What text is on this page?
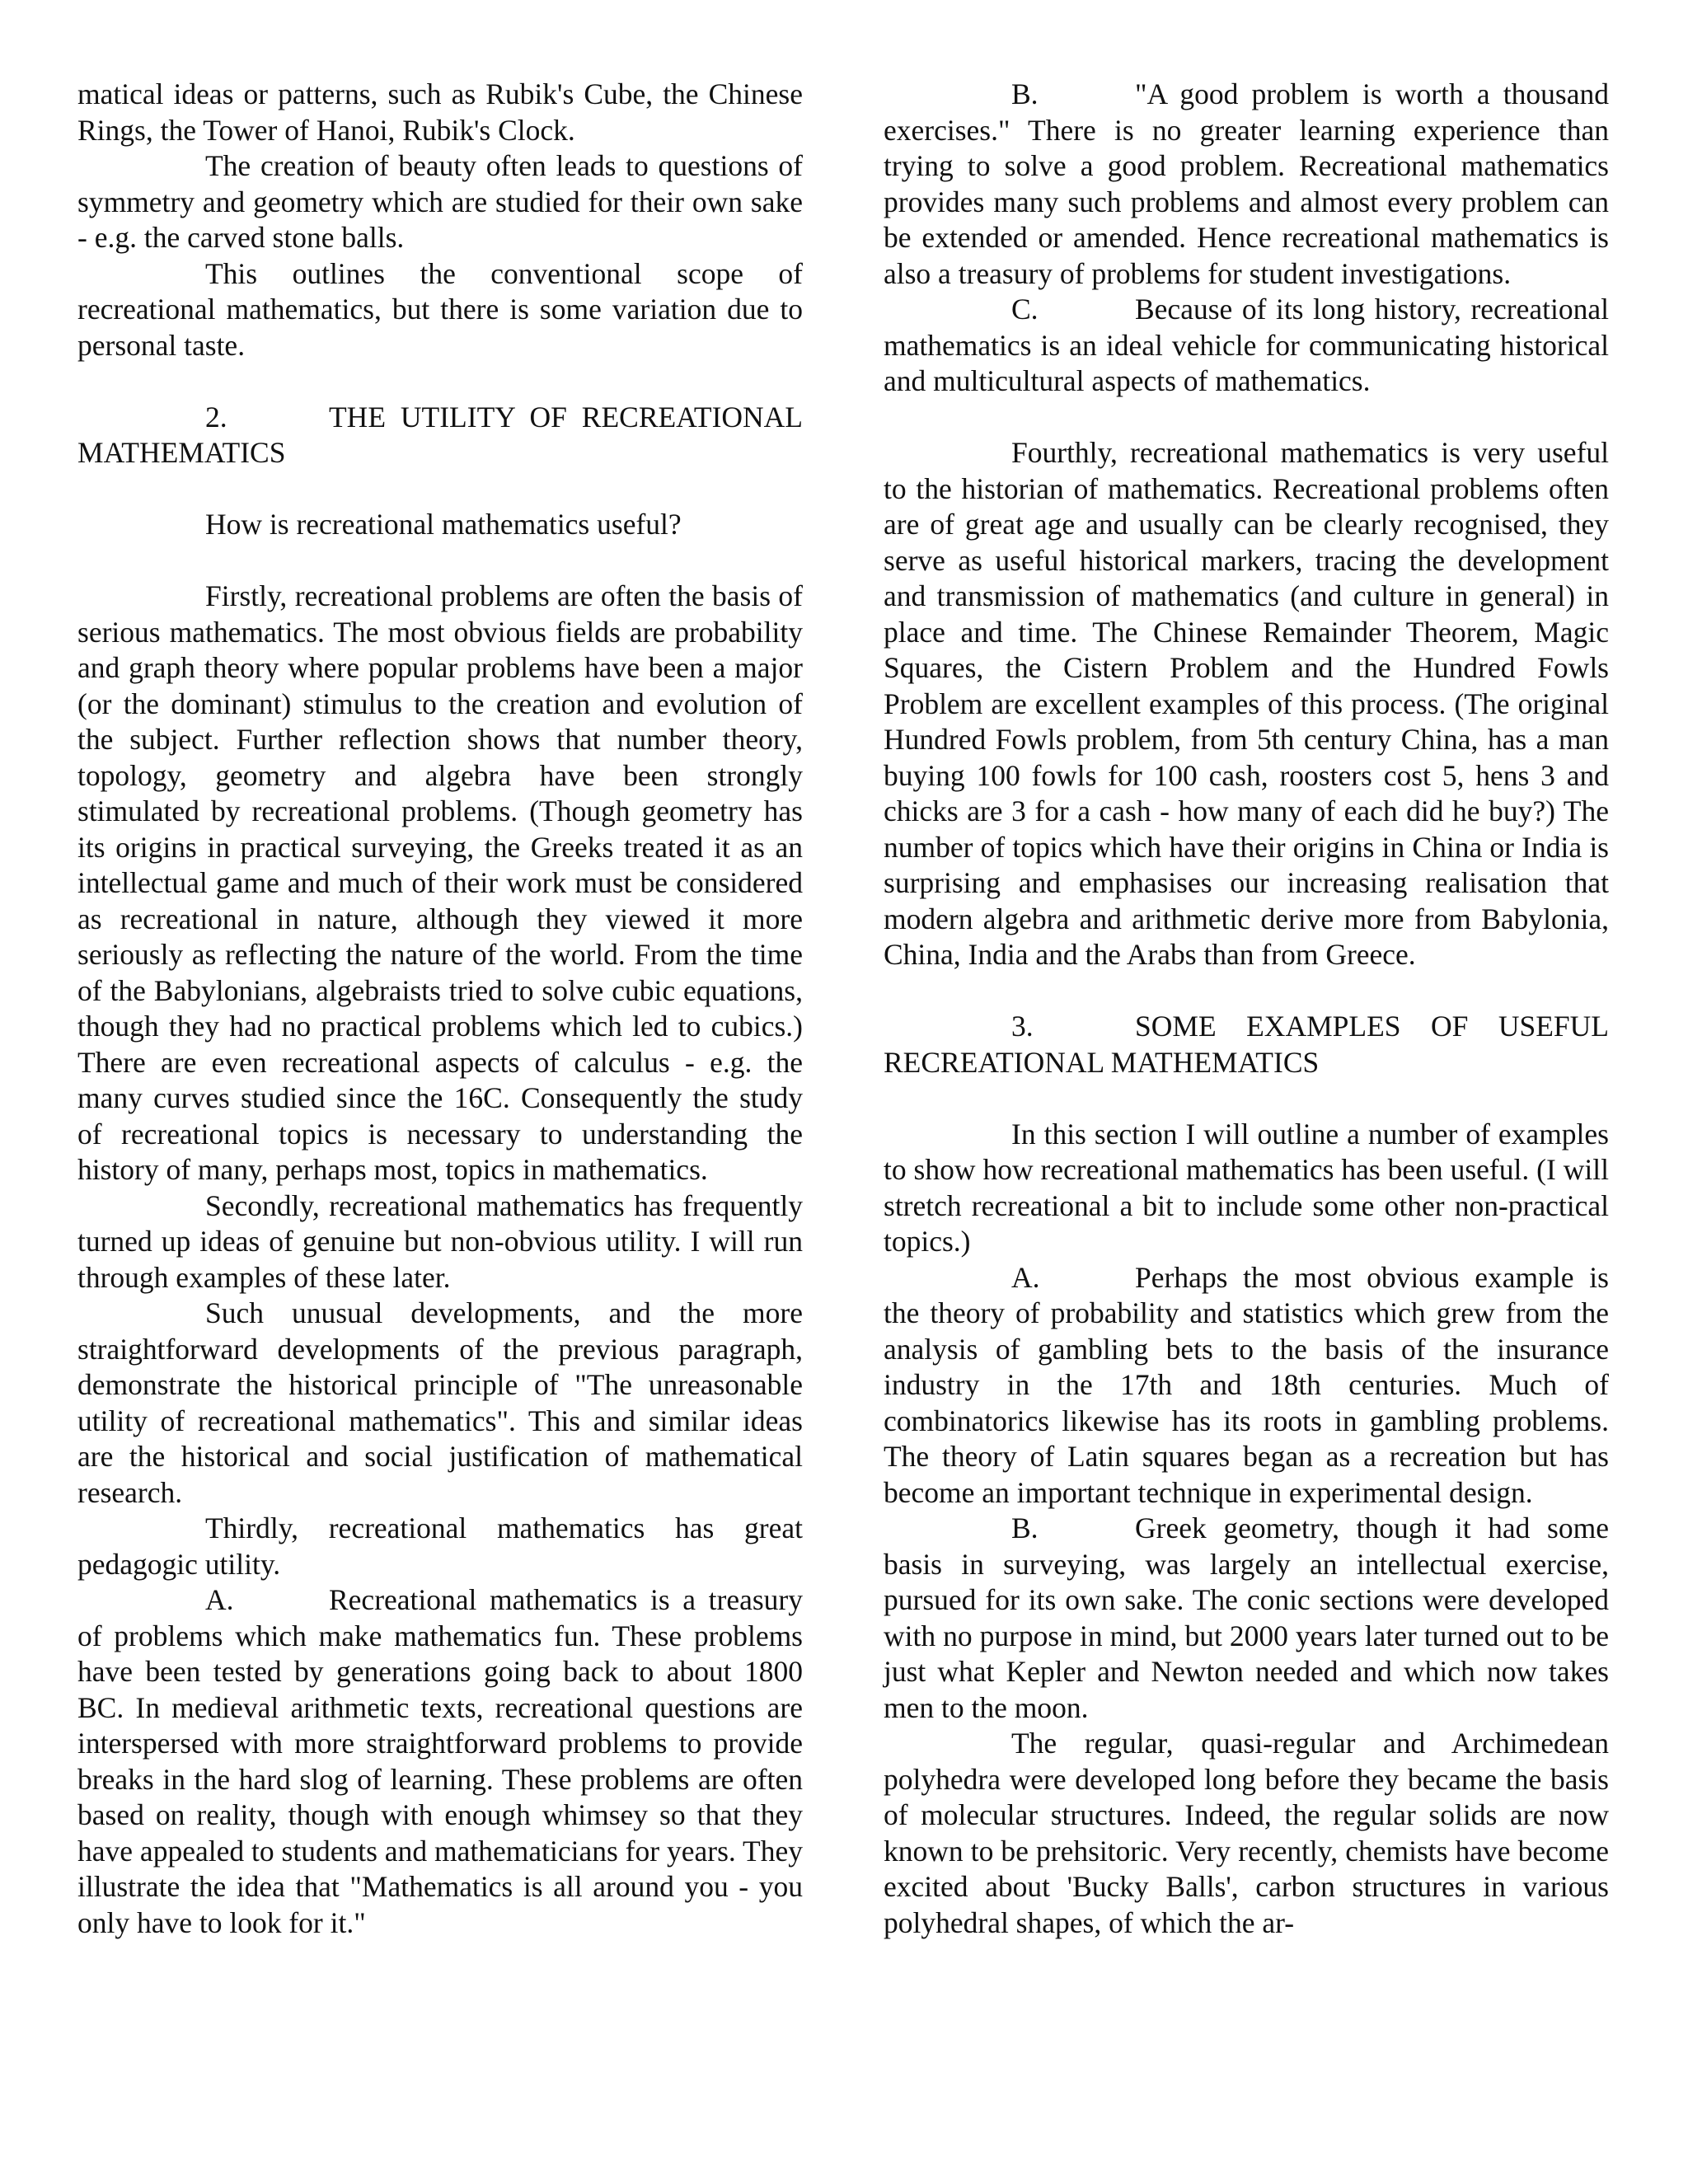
matical ideas or patterns, such as Rubik's Cube, the Chinese Rings, the Tower of Hanoi, Rubik's Clock.

The creation of beauty often leads to questions of symmetry and geometry which are studied for their own sake - e.g. the carved stone balls.

This outlines the conventional scope of recreational mathematics, but there is some variation due to personal taste.

2.	THE UTILITY OF RECREATIONAL MATHEMATICS

How is recreational mathematics useful?

Firstly, recreational problems are often the basis of serious mathematics. The most obvious fields are probability and graph theory where popular problems have been a major (or the dominant) stimulus to the creation and evolution of the subject. Further reflection shows that number theory, topology, geometry and algebra have been strongly stimulated by recreational problems. (Though geometry has its origins in practical surveying, the Greeks treated it as an intellectual game and much of their work must be considered as recreational in nature, although they viewed it more seriously as reflecting the nature of the world. From the time of the Babylonians, algebraists tried to solve cubic equations, though they had no practical problems which led to cubics.) There are even recreational aspects of calculus - e.g. the many curves studied since the 16C. Consequently the study of recreational topics is necessary to understanding the history of many, perhaps most, topics in mathematics.

Secondly, recreational mathematics has frequently turned up ideas of genuine but non-obvious utility. I will run through examples of these later.

Such unusual developments, and the more straightforward developments of the previous paragraph, demonstrate the historical principle of "The unreasonable utility of recreational mathematics". This and similar ideas are the historical and social justification of mathematical research.

Thirdly, recreational mathematics has great pedagogic utility.

A.	Recreational mathematics is a treasury of problems which make mathematics fun. These problems have been tested by generations going back to about 1800 BC. In medieval arithmetic texts, recreational questions are interspersed with more straightforward problems to provide breaks in the hard slog of learning. These problems are often based on reality, though with enough whimsey so that they have appealed to students and mathematicians for years. They illustrate the idea that "Mathematics is all around you - you only have to look for it."

B.	"A good problem is worth a thousand exercises." There is no greater learning experience than trying to solve a good problem. Recreational mathematics provides many such problems and almost every problem can be extended or amended. Hence recreational mathematics is also a treasury of problems for student investigations.

C.	Because of its long history, recreational mathematics is an ideal vehicle for communicating historical and multicultural aspects of mathematics.

Fourthly, recreational mathematics is very useful to the historian of mathematics. Recreational problems often are of great age and usually can be clearly recognised, they serve as useful historical markers, tracing the development and transmission of mathematics (and culture in general) in place and time. The Chinese Remainder Theorem, Magic Squares, the Cistern Problem and the Hundred Fowls Problem are excellent examples of this process. (The original Hundred Fowls problem, from 5th century China, has a man buying 100 fowls for 100 cash, roosters cost 5, hens 3 and chicks are 3 for a cash - how many of each did he buy?) The number of topics which have their origins in China or India is surprising and emphasises our increasing realisation that modern algebra and arithmetic derive more from Babylonia, China, India and the Arabs than from Greece.

3.	SOME EXAMPLES OF USEFUL RECREATIONAL MATHEMATICS

In this section I will outline a number of examples to show how recreational mathematics has been useful. (I will stretch recreational a bit to include some other non-practical topics.)

A.	Perhaps the most obvious example is the theory of probability and statistics which grew from the analysis of gambling bets to the basis of the insurance industry in the 17th and 18th centuries. Much of combinatorics likewise has its roots in gambling problems. The theory of Latin squares began as a recreation but has become an important technique in experimental design.

B.	Greek geometry, though it had some basis in surveying, was largely an intellectual exercise, pursued for its own sake. The conic sections were developed with no purpose in mind, but 2000 years later turned out to be just what Kepler and Newton needed and which now takes men to the moon.

The regular, quasi-regular and Archimedean polyhedra were developed long before they became the basis of molecular structures. Indeed, the regular solids are now known to be prehsitoric. Very recently, chemists have become excited about 'Bucky Balls', carbon structures in various polyhedral shapes, of which the ar-
